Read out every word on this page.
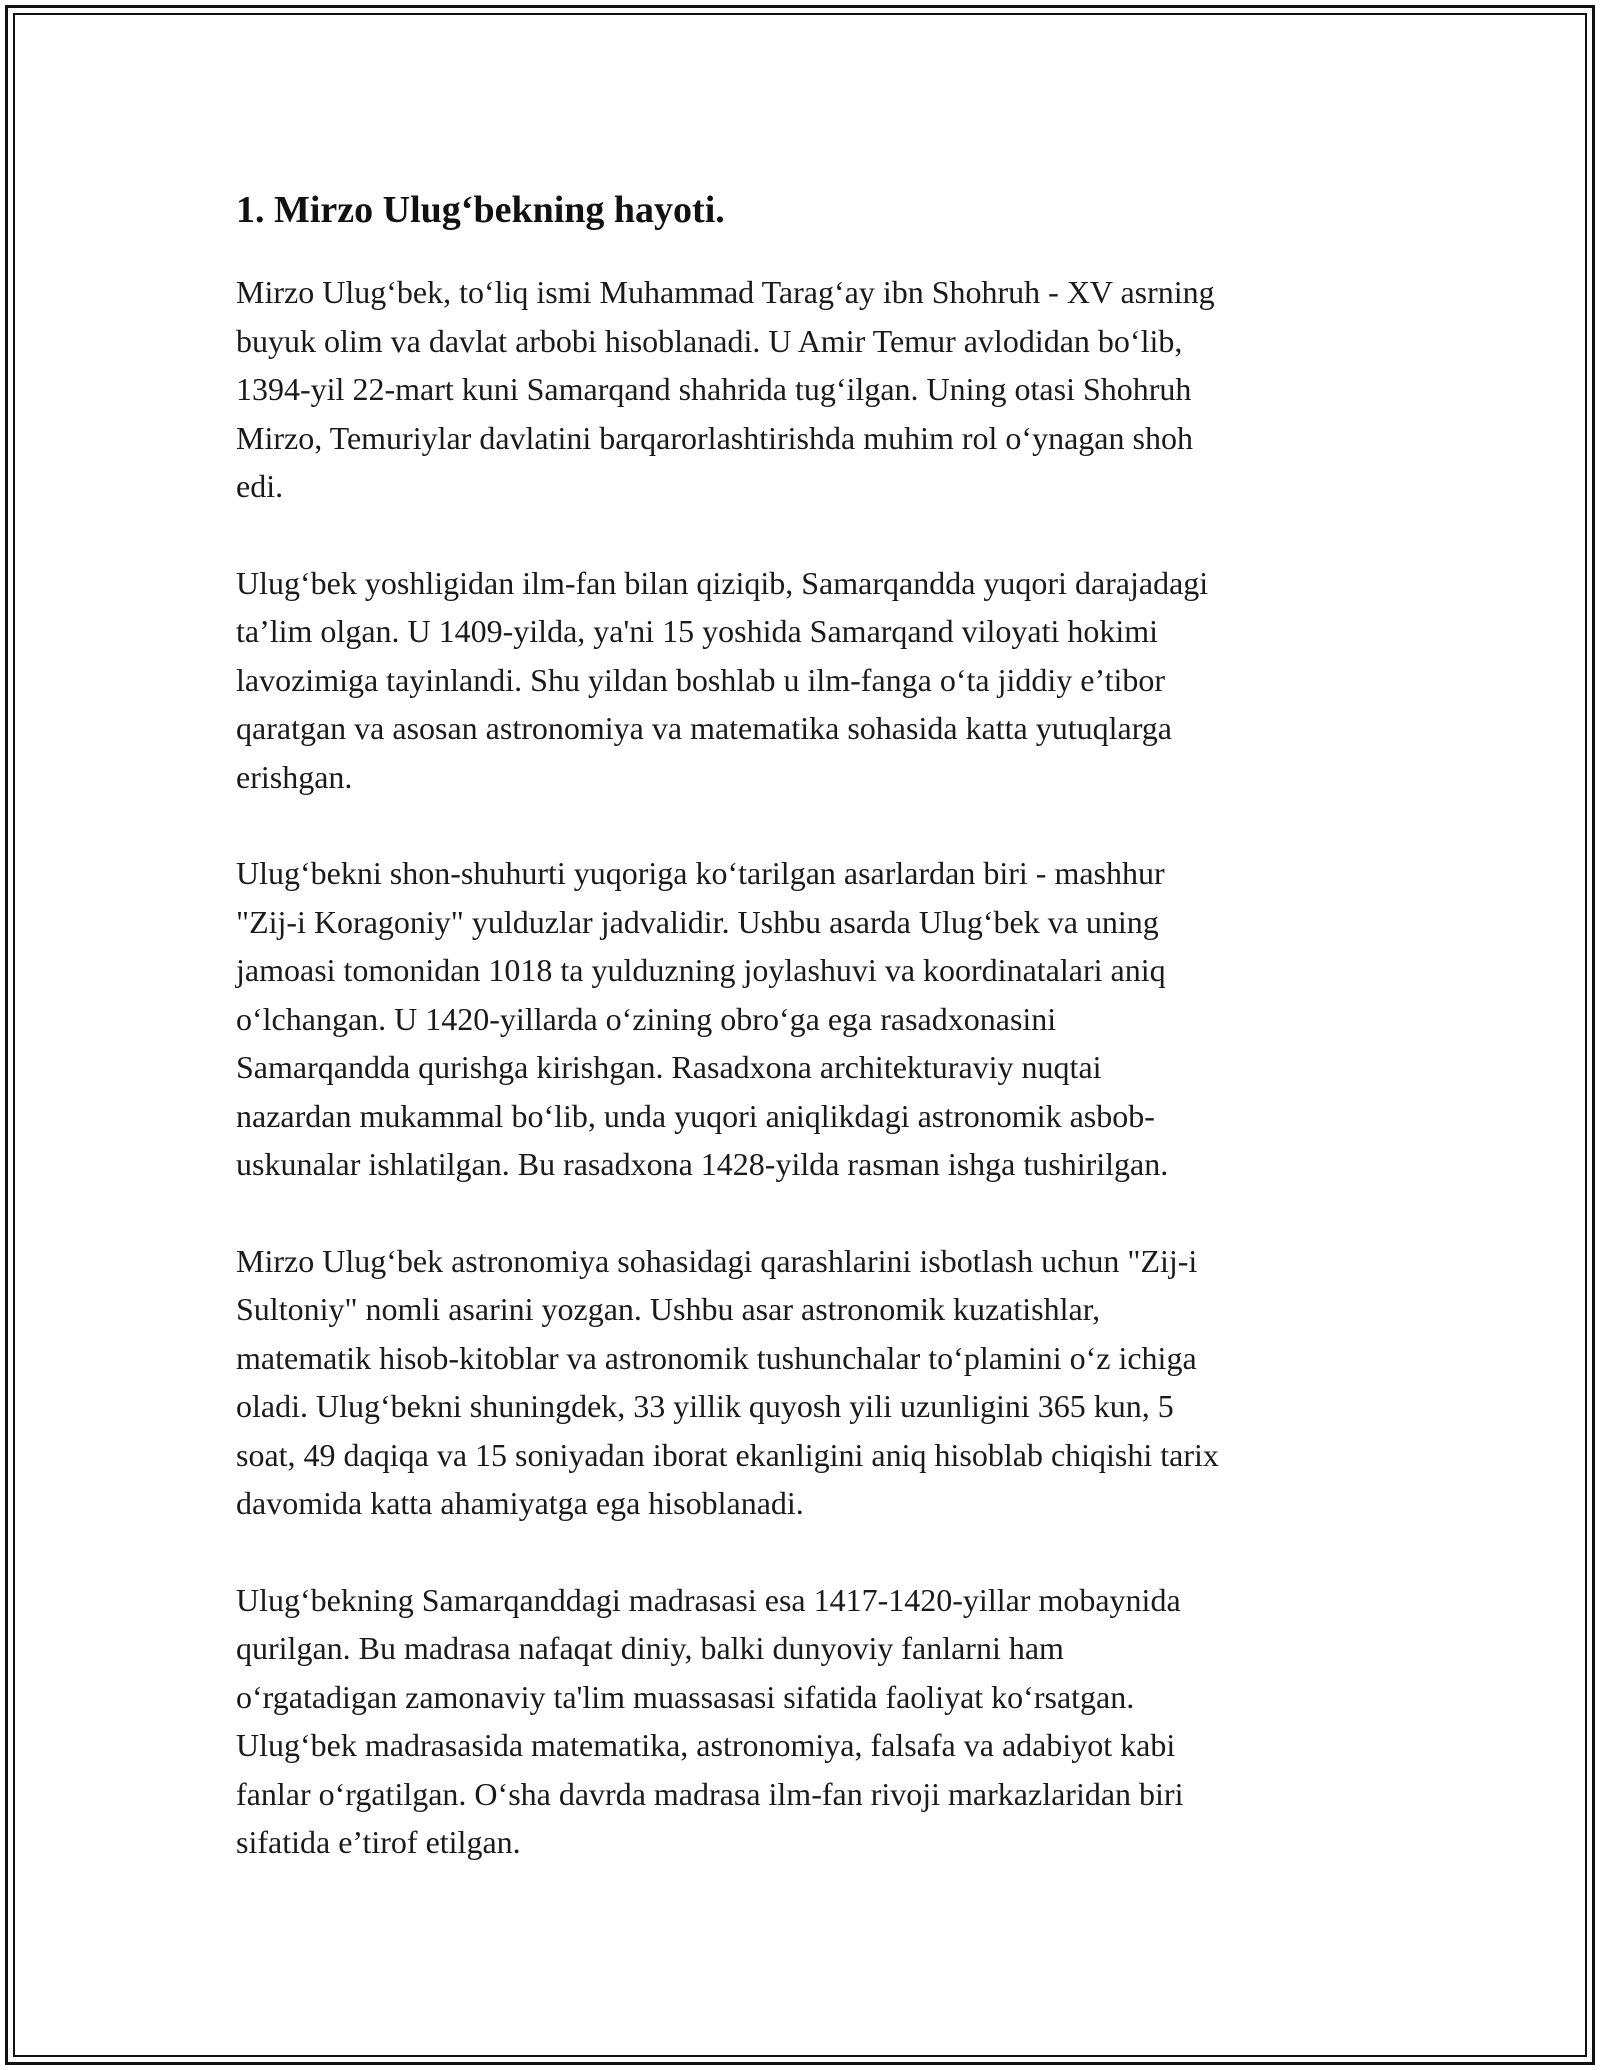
1. Mirzo Ulug‘bekning hayoti.
Mirzo Ulug‘bek, to‘liq ismi Muhammad Tarag‘ay ibn Shohruh - XV asrning
buyuk olim va davlat arbobi hisoblanadi. U Amir Temur avlodidan bo‘lib,
1394-yil 22-mart kuni Samarqand shahrida tug‘ilgan. Uning otasi Shohruh
Mirzo, Temuriylar davlatini barqarorlashtirishda muhim rol o‘ynagan shoh
edi.
Ulug‘bek yoshligidan ilm-fan bilan qiziqib, Samarqandda yuqori darajadagi
ta’lim olgan. U 1409-yilda, ya'ni 15 yoshida Samarqand viloyati hokimi
lavozimiga tayinlandi. Shu yildan boshlab u ilm-fanga o‘ta jiddiy e’tibor
qaratgan va asosan astronomiya va matematika sohasida katta yutuqlarga
erishgan.
Ulug‘bekni shon-shuhurti yuqoriga ko‘tarilgan asarlardan biri - mashhur
"Zij-i Koragoniy" yulduzlar jadvalidir. Ushbu asarda Ulug‘bek va uning
jamoasi tomonidan 1018 ta yulduzning joylashuvi va koordinatalari aniq
o‘lchangan. U 1420-yillarda o‘zining obro‘ga ega rasadxonasini
Samarqandda qurishga kirishgan. Rasadxona architekturaviy nuqtai
nazardan mukammal bo‘lib, unda yuqori aniqlikdagi astronomik asbob-
uskunalar ishlatilgan. Bu rasadxona 1428-yilda rasman ishga tushirilgan.
Mirzo Ulug‘bek astronomiya sohasidagi qarashlarini isbotlash uchun "Zij-i
Sultoniy" nomli asarini yozgan. Ushbu asar astronomik kuzatishlar,
matematik hisob-kitoblar va astronomik tushunchalar to‘plamini o‘z ichiga
oladi. Ulug‘bekni shuningdek, 33 yillik quyosh yili uzunligini 365 kun, 5
soat, 49 daqiqa va 15 soniyadan iborat ekanligini aniq hisoblab chiqishi tarix
davomida katta ahamiyatga ega hisoblanadi.
Ulug‘bekning Samarqanddagi madrasasi esa 1417-1420-yillar mobaynida
qurilgan. Bu madrasa nafaqat diniy, balki dunyoviy fanlarni ham
o‘rgatadigan zamonaviy ta'lim muassasasi sifatida faoliyat ko‘rsatgan.
Ulug‘bek madrasasida matematika, astronomiya, falsafa va adabiyot kabi
fanlar o‘rgatilgan. O‘sha davrda madrasa ilm-fan rivoji markazlaridan biri
sifatida e’tirof etilgan.
